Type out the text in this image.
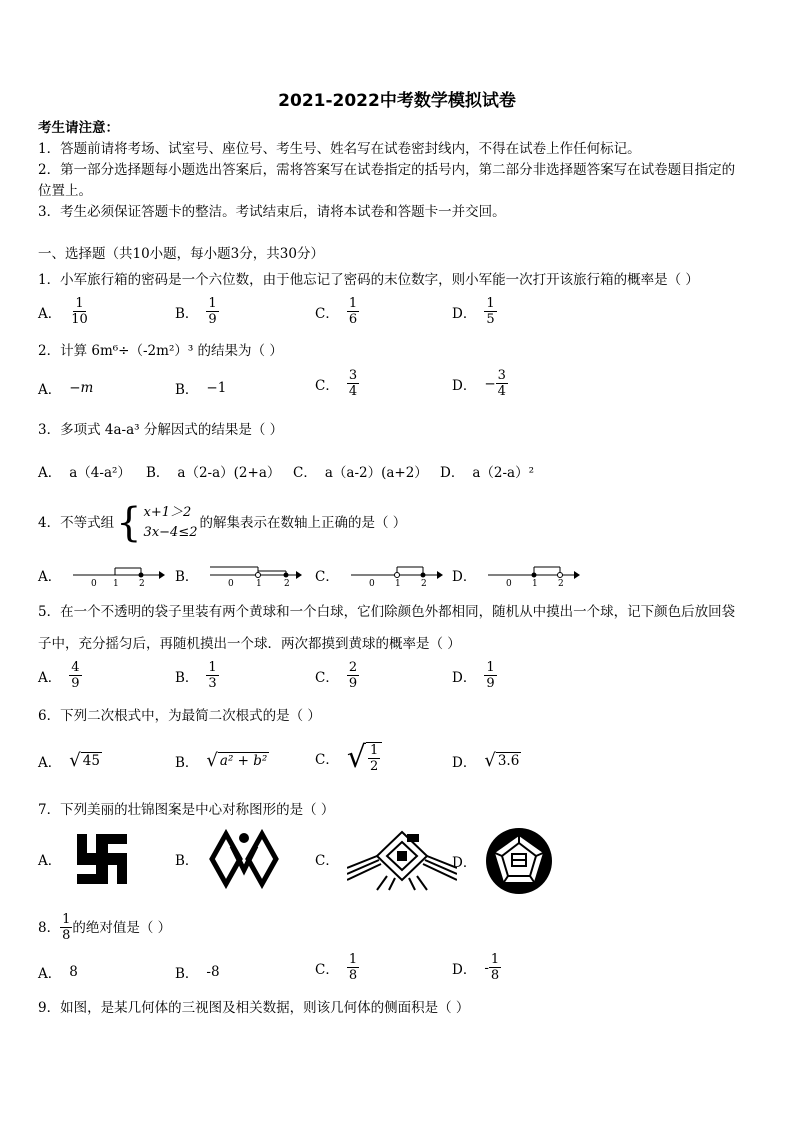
2021-2022中考数学模拟试卷
考生请注意：
1．答题前请将考场、试室号、座位号、考生号、姓名写在试卷密封线内，不得在试卷上作任何标记。
2．第一部分选择题每小题选出答案后，需将答案写在试卷指定的括号内，第二部分非选择题答案写在试卷题目指定的
位置上。
3．考生必须保证答题卡的整洁。考试结束后，请将本试卷和答题卡一并交回。
一、选择题（共10小题，每小题3分，共30分）
1．小军旅行箱的密码是一个六位数，由于他忘记了密码的末位数字，则小军能一次打开该旅行箱的概率是（ ）
A． $\frac{1}{10}$	B． $\frac{1}{9}$	C． $\frac{1}{6}$	D． $\frac{1}{5}$
2．计算 6m⁶÷（-2m²）³ 的结果为（ ）
A． −m	B． −1	C． $\frac{3}{4}$	D． − $\frac{3}{4}$
3．多项式 4a-a³ 分解因式的结果是（ ）
A． a（4-a²） B． a（2-a）(2+a） C． a（a-2）(a+2） D． a（2-a）²
4．不等式组 { x+1＞2
3x−4≤2
的解集表示在数轴上正确的是（ ）
A．	0 1 2 B．	0 1 2 C．	0 1 2 D．	0 1 2
5．在一个不透明的袋子里装有两个黄球和一个白球，它们除颜色外都相同，随机从中摸出一个球，记下颜色后放回袋
子中，充分摇匀后，再随机摸出一个球．两次都摸到黄球的概率是（ ）
A． $\frac{4}{9}$	B． $\frac{1}{3}$	C． $\frac{2}{9}$	D． $\frac{1}{9}$
6．下列二次根式中，为最简二次根式的是（ ）
A． √ 45	B． √ a² + b²	C． √ $\frac{1}{2}$	D． √ 3.6
7．下列美丽的壮锦图案是中心对称图形的是（ ）
A．	B．	C．	D．
8． $\frac{1}{8}$ 的绝对值是（ ）
A． 8	B． -8	C． $\frac{1}{8}$	D． - $\frac{1}{8}$
9．如图，是某几何体的三视图及相关数据，则该几何体的侧面积是（ ）
